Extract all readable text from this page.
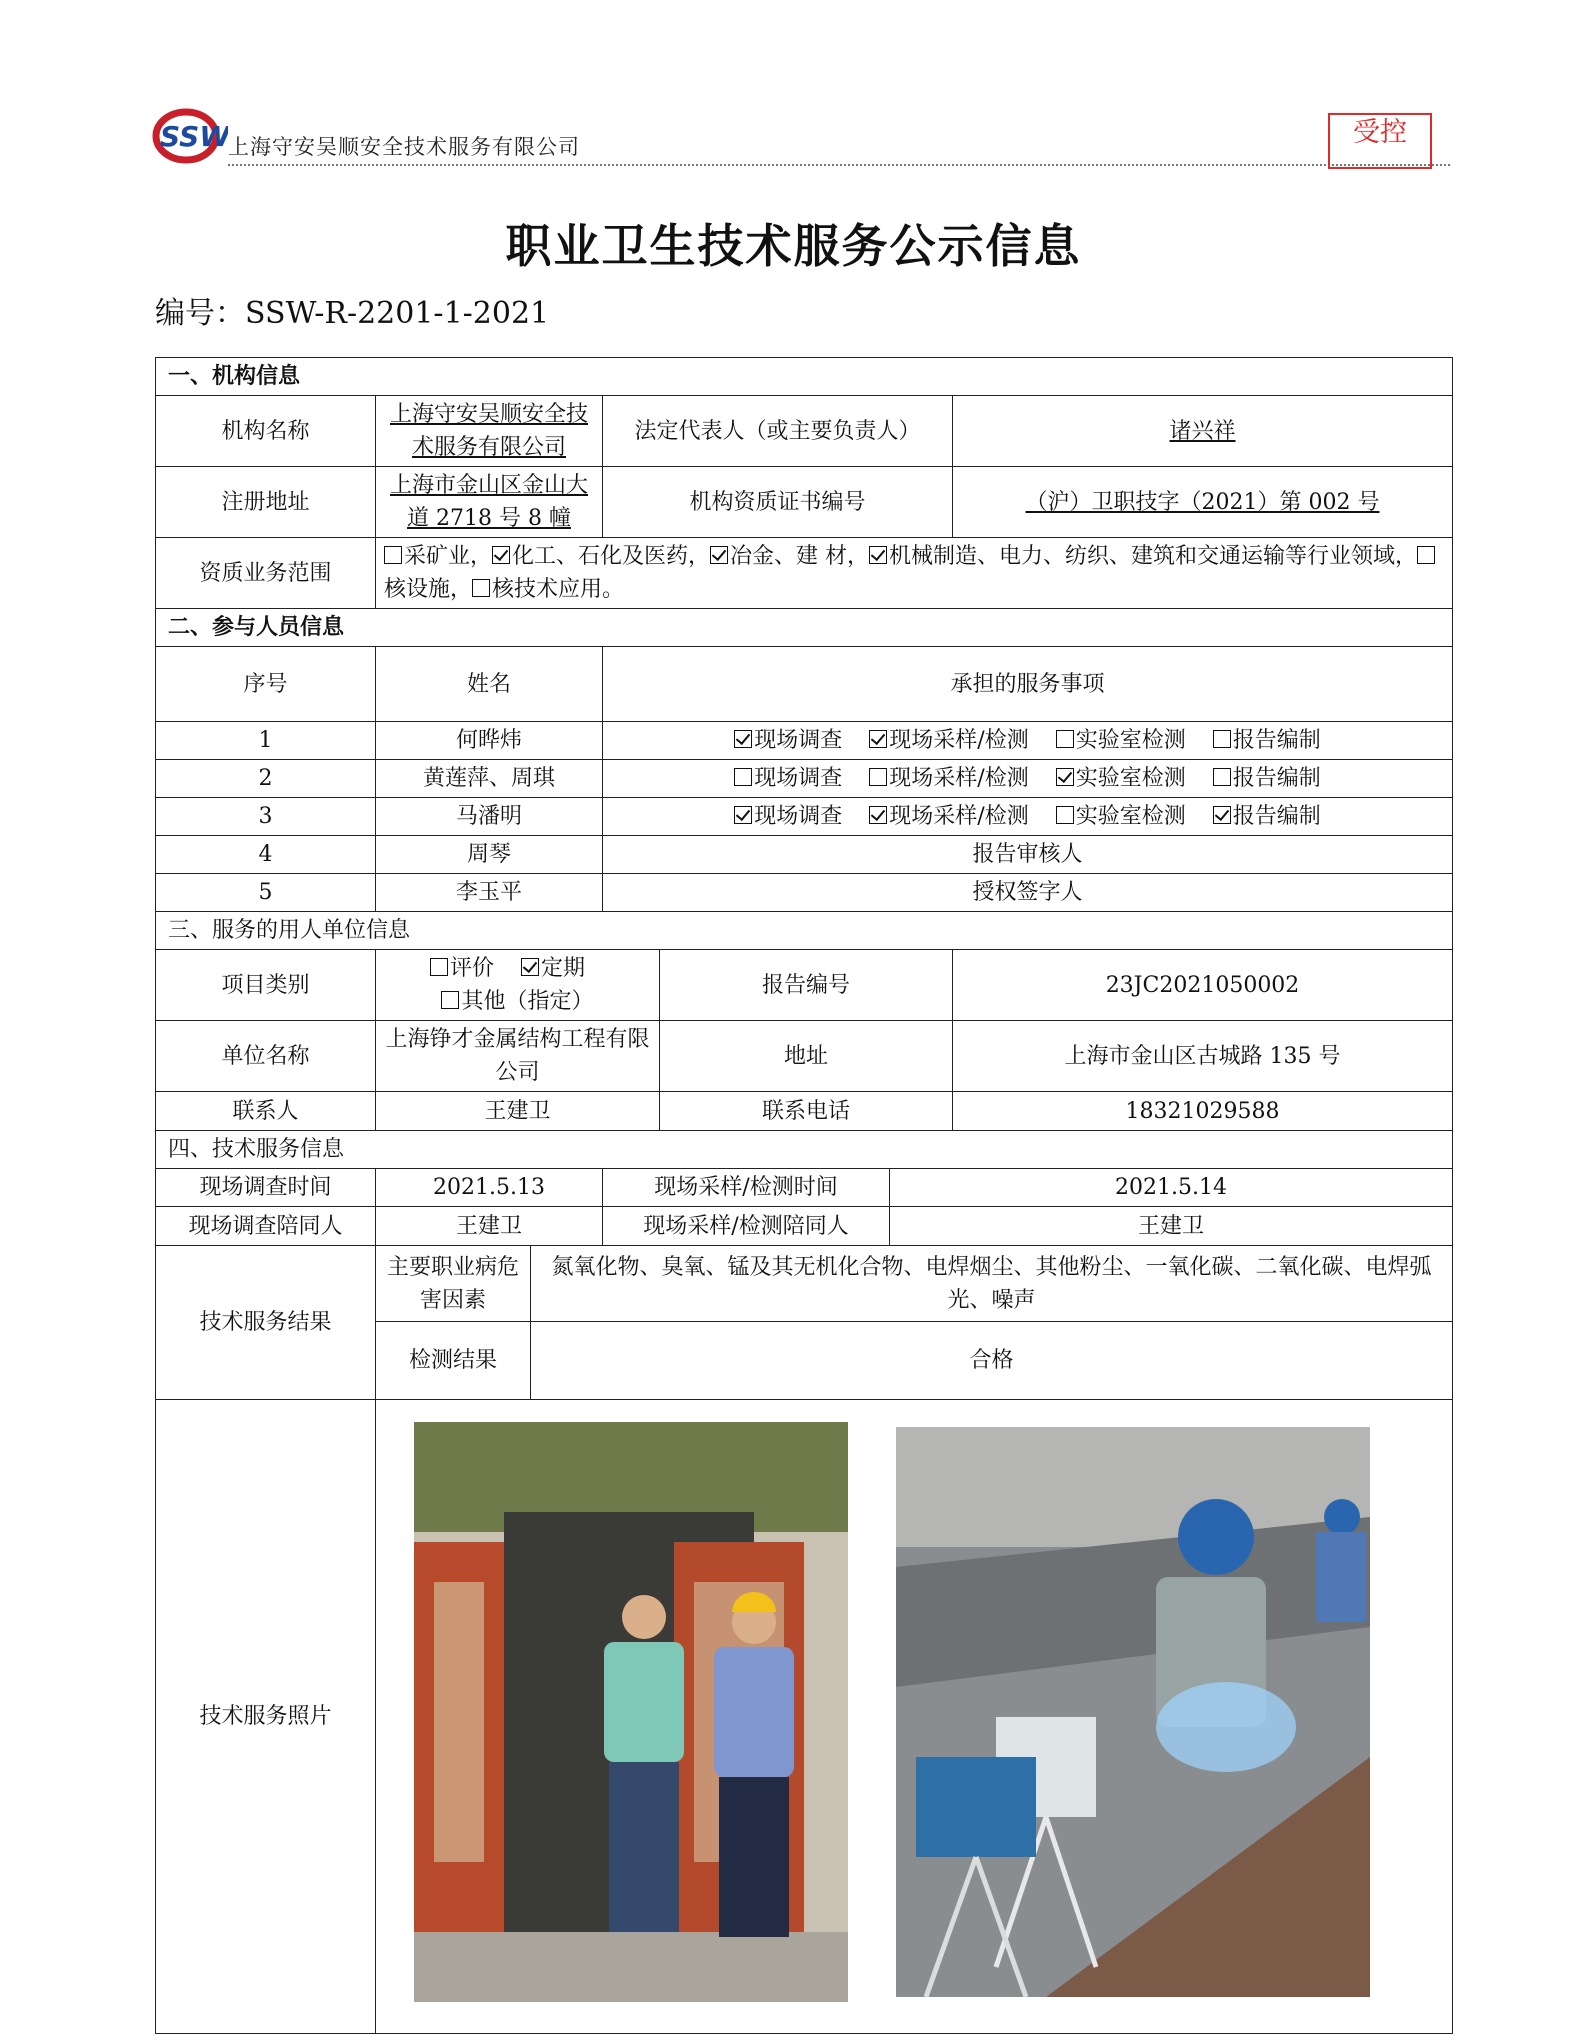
SSW
上海守安吴顺安全技术服务有限公司	受控
职业卫生技术服务公示信息
编号：SSW-R-2201-1-2021
一、机构信息						
机构名称	上海守安吴顺安全技术服务有限公司		法定代表人（或主要负责人）			诸兴祥
注册地址	上海市金山区金山大道 2718 号 8 幢		机构资质证书编号			（沪）卫职技字（2021）第 002 号
资质业务范围	采矿业， 化工、石化及医药， 冶金、建 材， 机械制造、电力、纺织、建筑和交通运输等行业领域，核设施， 核技术应用。					
二、参与人员信息						
序号	姓名		承担的服务事项			
1	何晔炜		现场调查 现场采样/检测 实验室检测 报告编制			
2	黄莲萍、周琪		现场调查 现场采样/检测 实验室检测 报告编制			
3	马潘明		现场调查 现场采样/检测 实验室检测 报告编制			
4	周琴		报告审核人			
5	李玉平		授权签字人			
三、服务的用人单位信息						
项目类别	评价 定期 其他（指定）			报告编号		23JC2021050002
单位名称	上海铮才金属结构工程有限公司			地址		上海市金山区古城路 135 号
联系人	王建卫			联系电话		18321029588
四、技术服务信息						
现场调查时间	2021.5.13		现场采样/检测时间		2021.5.14	
现场调查陪同人	王建卫		现场采样/检测陪同人		王建卫	
技术服务结果	主要职业病危害因素	氮氧化物、臭氧、锰及其无机化合物、电焊烟尘、其他粉尘、一氧化碳、二氧化碳、电焊弧光、噪声				
	检测结果	合格				
技术服务照片	
